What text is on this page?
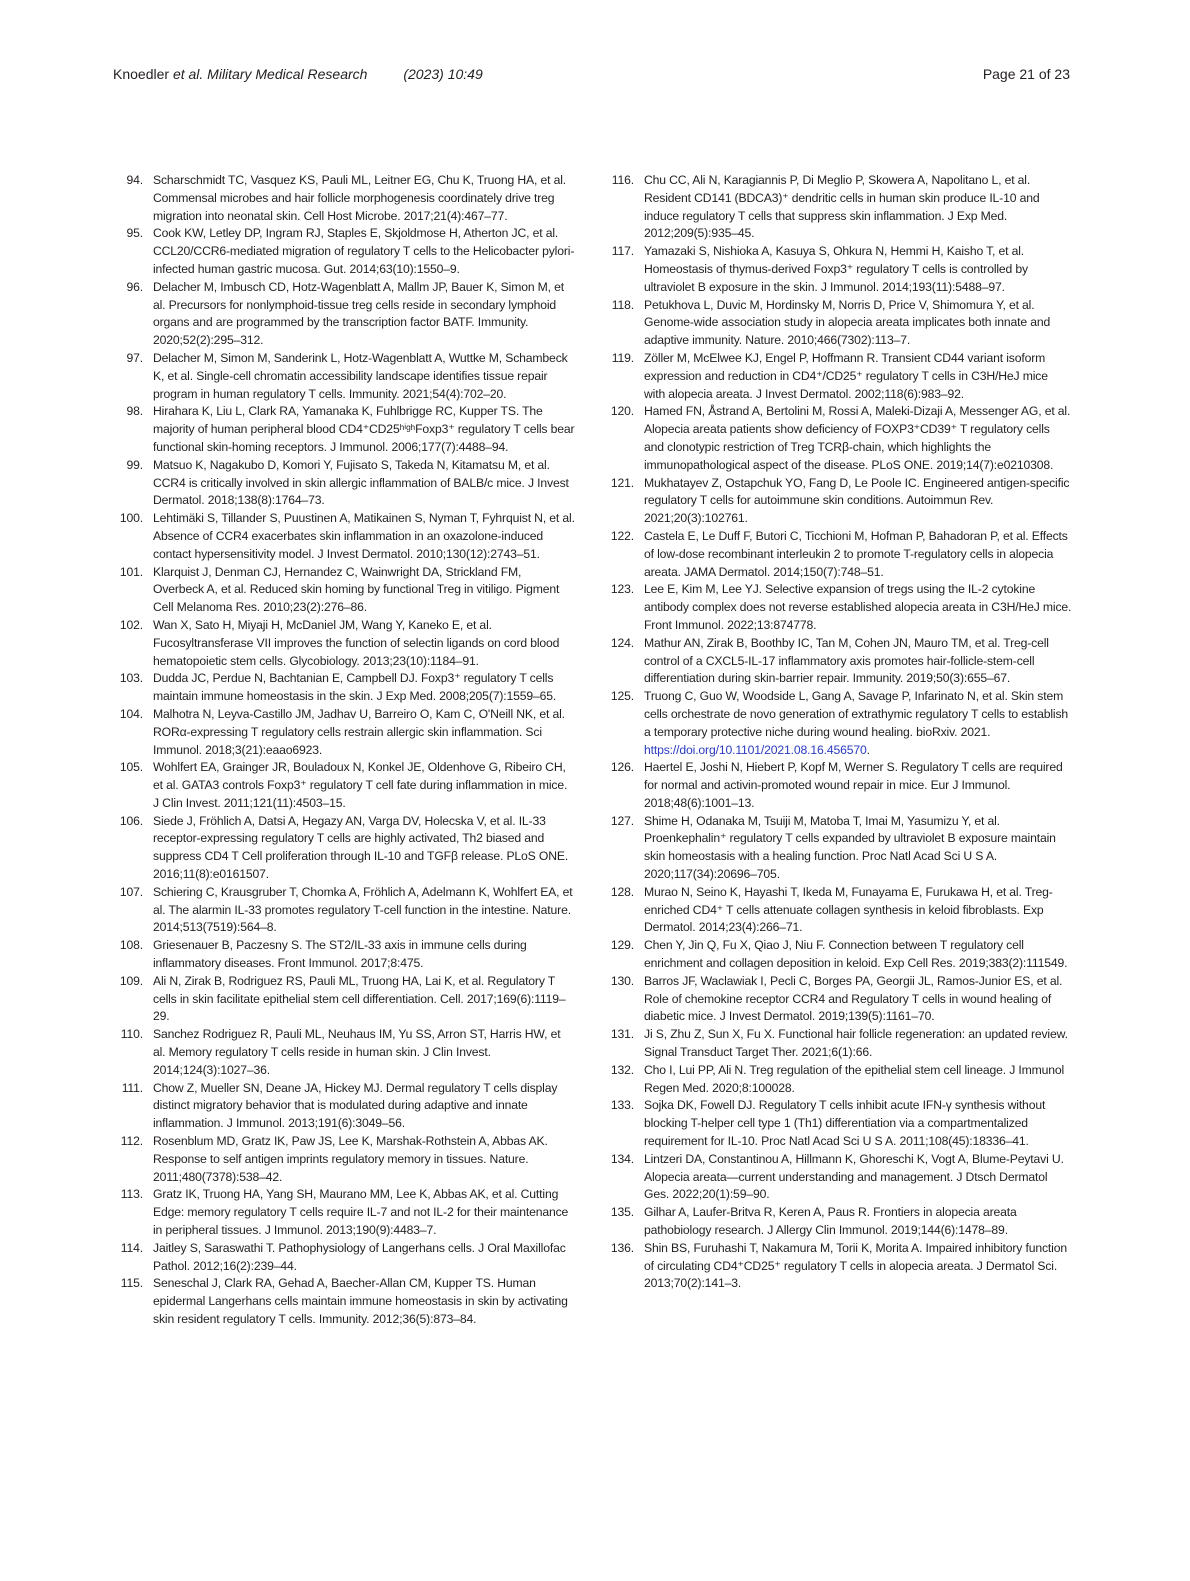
Knoedler et al. Military Medical Research	(2023) 10:49	Page 21 of 23
94. Scharschmidt TC, Vasquez KS, Pauli ML, Leitner EG, Chu K, Truong HA, et al. Commensal microbes and hair follicle morphogenesis coordinately drive treg migration into neonatal skin. Cell Host Microbe. 2017;21(4):467–77.
95. Cook KW, Letley DP, Ingram RJ, Staples E, Skjoldmose H, Atherton JC, et al. CCL20/CCR6-mediated migration of regulatory T cells to the Helicobacter pylori-infected human gastric mucosa. Gut. 2014;63(10):1550–9.
96. Delacher M, Imbusch CD, Hotz-Wagenblatt A, Mallm JP, Bauer K, Simon M, et al. Precursors for nonlymphoid-tissue treg cells reside in secondary lymphoid organs and are programmed by the transcription factor BATF. Immunity. 2020;52(2):295–312.
97. Delacher M, Simon M, Sanderink L, Hotz-Wagenblatt A, Wuttke M, Schambeck K, et al. Single-cell chromatin accessibility landscape identifies tissue repair program in human regulatory T cells. Immunity. 2021;54(4):702–20.
98. Hirahara K, Liu L, Clark RA, Yamanaka K, Fuhlbrigge RC, Kupper TS. The majority of human peripheral blood CD4⁺CD25ʰⁱᵍʰFoxp3⁺ regulatory T cells bear functional skin-homing receptors. J Immunol. 2006;177(7):4488–94.
99. Matsuo K, Nagakubo D, Komori Y, Fujisato S, Takeda N, Kitamatsu M, et al. CCR4 is critically involved in skin allergic inflammation of BALB/c mice. J Invest Dermatol. 2018;138(8):1764–73.
100. Lehtimäki S, Tillander S, Puustinen A, Matikainen S, Nyman T, Fyhrquist N, et al. Absence of CCR4 exacerbates skin inflammation in an oxazolone-induced contact hypersensitivity model. J Invest Dermatol. 2010;130(12):2743–51.
101. Klarquist J, Denman CJ, Hernandez C, Wainwright DA, Strickland FM, Overbeck A, et al. Reduced skin homing by functional Treg in vitiligo. Pigment Cell Melanoma Res. 2010;23(2):276–86.
102. Wan X, Sato H, Miyaji H, McDaniel JM, Wang Y, Kaneko E, et al. Fucosyltransferase VII improves the function of selectin ligands on cord blood hematopoietic stem cells. Glycobiology. 2013;23(10):1184–91.
103. Dudda JC, Perdue N, Bachtanian E, Campbell DJ. Foxp3⁺ regulatory T cells maintain immune homeostasis in the skin. J Exp Med. 2008;205(7):1559–65.
104. Malhotra N, Leyva-Castillo JM, Jadhav U, Barreiro O, Kam C, O'Neill NK, et al. RORα-expressing T regulatory cells restrain allergic skin inflammation. Sci Immunol. 2018;3(21):eaao6923.
105. Wohlfert EA, Grainger JR, Bouladoux N, Konkel JE, Oldenhove G, Ribeiro CH, et al. GATA3 controls Foxp3⁺ regulatory T cell fate during inflammation in mice. J Clin Invest. 2011;121(11):4503–15.
106. Siede J, Fröhlich A, Datsi A, Hegazy AN, Varga DV, Holecska V, et al. IL-33 receptor-expressing regulatory T cells are highly activated, Th2 biased and suppress CD4 T Cell proliferation through IL-10 and TGFβ release. PLoS ONE. 2016;11(8):e0161507.
107. Schiering C, Krausgruber T, Chomka A, Fröhlich A, Adelmann K, Wohlfert EA, et al. The alarmin IL-33 promotes regulatory T-cell function in the intestine. Nature. 2014;513(7519):564–8.
108. Griesenauer B, Paczesny S. The ST2/IL-33 axis in immune cells during inflammatory diseases. Front Immunol. 2017;8:475.
109. Ali N, Zirak B, Rodriguez RS, Pauli ML, Truong HA, Lai K, et al. Regulatory T cells in skin facilitate epithelial stem cell differentiation. Cell. 2017;169(6):1119–29.
110. Sanchez Rodriguez R, Pauli ML, Neuhaus IM, Yu SS, Arron ST, Harris HW, et al. Memory regulatory T cells reside in human skin. J Clin Invest. 2014;124(3):1027–36.
111. Chow Z, Mueller SN, Deane JA, Hickey MJ. Dermal regulatory T cells display distinct migratory behavior that is modulated during adaptive and innate inflammation. J Immunol. 2013;191(6):3049–56.
112. Rosenblum MD, Gratz IK, Paw JS, Lee K, Marshak-Rothstein A, Abbas AK. Response to self antigen imprints regulatory memory in tissues. Nature. 2011;480(7378):538–42.
113. Gratz IK, Truong HA, Yang SH, Maurano MM, Lee K, Abbas AK, et al. Cutting Edge: memory regulatory T cells require IL-7 and not IL-2 for their maintenance in peripheral tissues. J Immunol. 2013;190(9):4483–7.
114. Jaitley S, Saraswathi T. Pathophysiology of Langerhans cells. J Oral Maxillofac Pathol. 2012;16(2):239–44.
115. Seneschal J, Clark RA, Gehad A, Baecher-Allan CM, Kupper TS. Human epidermal Langerhans cells maintain immune homeostasis in skin by activating skin resident regulatory T cells. Immunity. 2012;36(5):873–84.
116. Chu CC, Ali N, Karagiannis P, Di Meglio P, Skowera A, Napolitano L, et al. Resident CD141 (BDCA3)⁺ dendritic cells in human skin produce IL-10 and induce regulatory T cells that suppress skin inflammation. J Exp Med. 2012;209(5):935–45.
117. Yamazaki S, Nishioka A, Kasuya S, Ohkura N, Hemmi H, Kaisho T, et al. Homeostasis of thymus-derived Foxp3⁺ regulatory T cells is controlled by ultraviolet B exposure in the skin. J Immunol. 2014;193(11):5488–97.
118. Petukhova L, Duvic M, Hordinsky M, Norris D, Price V, Shimomura Y, et al. Genome-wide association study in alopecia areata implicates both innate and adaptive immunity. Nature. 2010;466(7302):113–7.
119. Zöller M, McElwee KJ, Engel P, Hoffmann R. Transient CD44 variant isoform expression and reduction in CD4⁺/CD25⁺ regulatory T cells in C3H/HeJ mice with alopecia areata. J Invest Dermatol. 2002;118(6):983–92.
120. Hamed FN, Åstrand A, Bertolini M, Rossi A, Maleki-Dizaji A, Messenger AG, et al. Alopecia areata patients show deficiency of FOXP3⁺CD39⁺ T regulatory cells and clonotypic restriction of Treg TCRβ-chain, which highlights the immunopathological aspect of the disease. PLoS ONE. 2019;14(7):e0210308.
121. Mukhatayev Z, Ostapchuk YO, Fang D, Le Poole IC. Engineered antigen-specific regulatory T cells for autoimmune skin conditions. Autoimmun Rev. 2021;20(3):102761.
122. Castela E, Le Duff F, Butori C, Ticchioni M, Hofman P, Bahadoran P, et al. Effects of low-dose recombinant interleukin 2 to promote T-regulatory cells in alopecia areata. JAMA Dermatol. 2014;150(7):748–51.
123. Lee E, Kim M, Lee YJ. Selective expansion of tregs using the IL-2 cytokine antibody complex does not reverse established alopecia areata in C3H/HeJ mice. Front Immunol. 2022;13:874778.
124. Mathur AN, Zirak B, Boothby IC, Tan M, Cohen JN, Mauro TM, et al. Treg-cell control of a CXCL5-IL-17 inflammatory axis promotes hair-follicle-stem-cell differentiation during skin-barrier repair. Immunity. 2019;50(3):655–67.
125. Truong C, Guo W, Woodside L, Gang A, Savage P, Infarinato N, et al. Skin stem cells orchestrate de novo generation of extrathymic regulatory T cells to establish a temporary protective niche during wound healing. bioRxiv. 2021. https://doi.org/10.1101/2021.08.16.456570.
126. Haertel E, Joshi N, Hiebert P, Kopf M, Werner S. Regulatory T cells are required for normal and activin-promoted wound repair in mice. Eur J Immunol. 2018;48(6):1001–13.
127. Shime H, Odanaka M, Tsuiji M, Matoba T, Imai M, Yasumizu Y, et al. Proenkephalin⁺ regulatory T cells expanded by ultraviolet B exposure maintain skin homeostasis with a healing function. Proc Natl Acad Sci U S A. 2020;117(34):20696–705.
128. Murao N, Seino K, Hayashi T, Ikeda M, Funayama E, Furukawa H, et al. Treg-enriched CD4⁺ T cells attenuate collagen synthesis in keloid fibroblasts. Exp Dermatol. 2014;23(4):266–71.
129. Chen Y, Jin Q, Fu X, Qiao J, Niu F. Connection between T regulatory cell enrichment and collagen deposition in keloid. Exp Cell Res. 2019;383(2):111549.
130. Barros JF, Waclawiak I, Pecli C, Borges PA, Georgii JL, Ramos-Junior ES, et al. Role of chemokine receptor CCR4 and Regulatory T cells in wound healing of diabetic mice. J Invest Dermatol. 2019;139(5):1161–70.
131. Ji S, Zhu Z, Sun X, Fu X. Functional hair follicle regeneration: an updated review. Signal Transduct Target Ther. 2021;6(1):66.
132. Cho I, Lui PP, Ali N. Treg regulation of the epithelial stem cell lineage. J Immunol Regen Med. 2020;8:100028.
133. Sojka DK, Fowell DJ. Regulatory T cells inhibit acute IFN-γ synthesis without blocking T-helper cell type 1 (Th1) differentiation via a compartmentalized requirement for IL-10. Proc Natl Acad Sci U S A. 2011;108(45):18336–41.
134. Lintzeri DA, Constantinou A, Hillmann K, Ghoreschi K, Vogt A, Blume-Peytavi U. Alopecia areata—current understanding and management. J Dtsch Dermatol Ges. 2022;20(1):59–90.
135. Gilhar A, Laufer-Britva R, Keren A, Paus R. Frontiers in alopecia areata pathobiology research. J Allergy Clin Immunol. 2019;144(6):1478–89.
136. Shin BS, Furuhashi T, Nakamura M, Torii K, Morita A. Impaired inhibitory function of circulating CD4⁺CD25⁺ regulatory T cells in alopecia areata. J Dermatol Sci. 2013;70(2):141–3.
